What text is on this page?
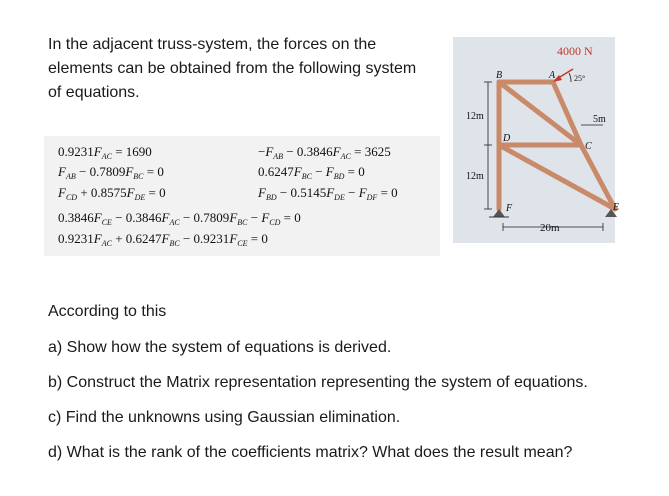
In the adjacent truss-system, the forces on the elements can be obtained from the following system of equations.

$0.9231F_{AC} = 1690$
$F_{AB} - 0.7809F_{BC} = 0$
$F_{CD} + 0.8575F_{DE} = 0$
$-F_{AB} - 0.3846F_{AC} = 3625$
$0.6247F_{BC} - F_{BD} = 0$
$F_{BD} - 0.5145F_{DE} - F_{DF} = 0$
$0.3846F_{CE} - 0.3846F_{AC} - 0.7809F_{BC} - F_{CD} = 0$
$0.9231F_{AC} + 0.6247F_{BC} - 0.9231F_{CE} = 0$
4000 N
25°
B	A
C
D
E
F
12m
12m
20m
5m

According to this

a) Show how the system of equations is derived.

b) Construct the Matrix representation representing the system of equations.

c) Find the unknowns using Gaussian elimination.

d) What is the rank of the coefficients matrix? What does the result mean?
